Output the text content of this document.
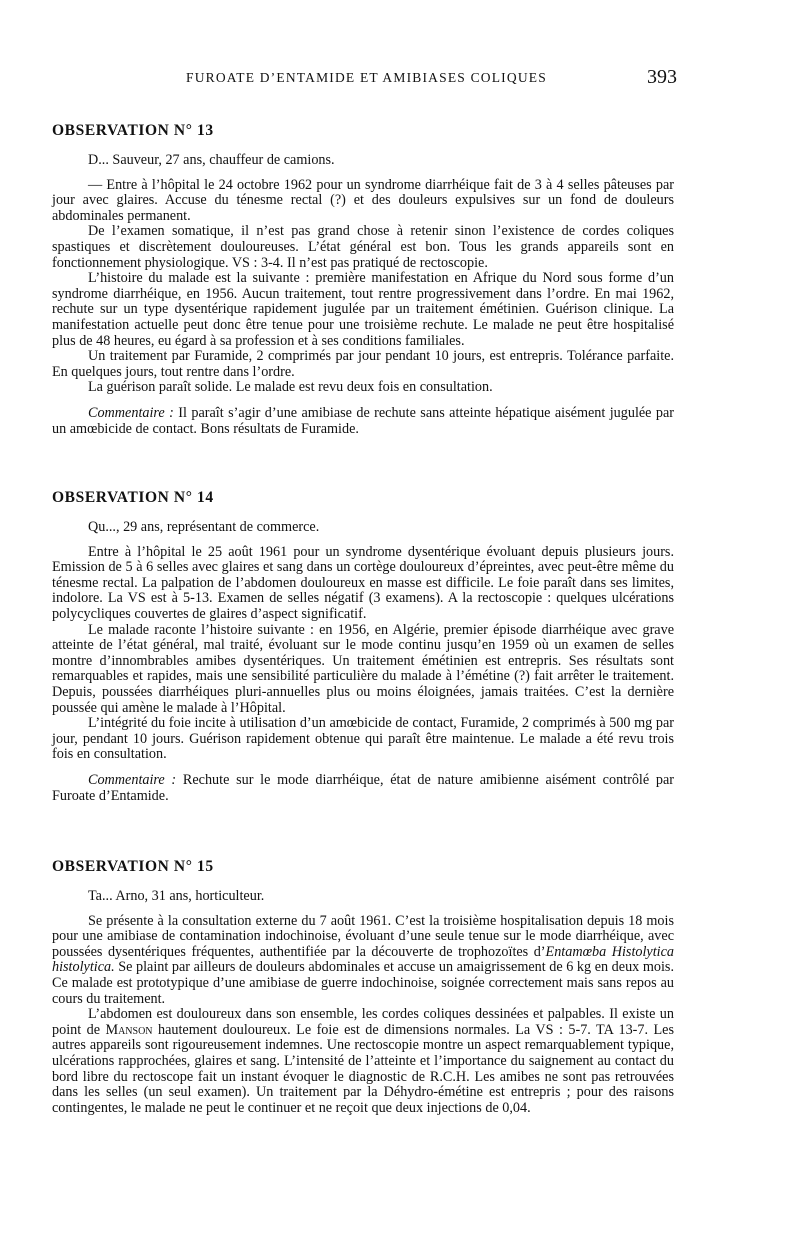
FUROATE D’ENTAMIDE ET AMIBIASES COLIQUES	393
OBSERVATION N° 13

D... Sauveur, 27 ans, chauffeur de camions.

— Entre à l’hôpital le 24 octobre 1962 pour un syndrome diarrhéique fait de 3 à 4 selles pâteuses par jour avec glaires. Accuse du ténesme rectal (?) et des douleurs expulsives sur un fond de douleurs abdominales permanent.

De l’examen somatique, il n’est pas grand chose à retenir sinon l’existence de cordes coliques spastiques et discrètement douloureuses. L’état général est bon. Tous les grands appareils sont en fonctionnement physiologique. VS : 3-4. Il n’est pas pratiqué de rectoscopie.

L’histoire du malade est la suivante : première manifestation en Afrique du Nord sous forme d’un syndrome diarrhéique, en 1956. Aucun traitement, tout rentre progressivement dans l’ordre. En mai 1962, rechute sur un type dysentérique rapidement jugulée par un traitement émétinien. Guérison clinique. La manifestation actuelle peut donc être tenue pour une troisième rechute. Le malade ne peut être hospitalisé plus de 48 heures, eu égard à sa profession et à ses conditions familiales.

Un traitement par Furamide, 2 comprimés par jour pendant 10 jours, est entrepris. Tolérance parfaite. En quelques jours, tout rentre dans l’ordre.

La guérison paraît solide. Le malade est revu deux fois en consultation.

Commentaire : Il paraît s’agir d’une amibiase de rechute sans atteinte hépatique aisément jugulée par un amœbicide de contact. Bons résultats de Furamide.

OBSERVATION N° 14

Qu..., 29 ans, représentant de commerce.

Entre à l’hôpital le 25 août 1961 pour un syndrome dysentérique évoluant depuis plusieurs jours. Emission de 5 à 6 selles avec glaires et sang dans un cortège douloureux d’épreintes, avec peut-être même du ténesme rectal. La palpation de l’abdomen douloureux en masse est difficile. Le foie paraît dans ses limites, indolore. La VS est à 5-13. Examen de selles négatif (3 examens). A la rectoscopie : quelques ulcérations polycycliques couvertes de glaires d’aspect significatif.

Le malade raconte l’histoire suivante : en 1956, en Algérie, premier épisode diarrhéique avec grave atteinte de l’état général, mal traité, évoluant sur le mode continu jusqu’en 1959 où un examen de selles montre d’innombrables amibes dysentériques. Un traitement émétinien est entrepris. Ses résultats sont remarquables et rapides, mais une sensibilité particulière du malade à l’émétine (?) fait arrêter le traitement. Depuis, poussées diarrhéiques pluri-annuelles plus ou moins éloignées, jamais traitées. C’est la dernière poussée qui amène le malade à l’Hôpital.

L’intégrité du foie incite à utilisation d’un amœbicide de contact, Furamide, 2 comprimés à 500 mg par jour, pendant 10 jours. Guérison rapidement obtenue qui paraît être maintenue. Le malade a été revu trois fois en consultation.

Commentaire : Rechute sur le mode diarrhéique, état de nature amibienne aisément contrôlé par Furoate d’Entamide.

OBSERVATION N° 15

Ta... Arno, 31 ans, horticulteur.

Se présente à la consultation externe du 7 août 1961. C’est la troisième hospitalisation depuis 18 mois pour une amibiase de contamination indochinoise, évoluant d’une seule tenue sur le mode diarrhéique, avec poussées dysentériques fréquentes, authentifiée par la découverte de trophozoïtes d’Entamœba Histolytica histolytica. Se plaint par ailleurs de douleurs abdominales et accuse un amaigrissement de 6 kg en deux mois. Ce malade est prototypique d’une amibiase de guerre indochinoise, soignée correctement mais sans repos au cours du traitement.

L’abdomen est douloureux dans son ensemble, les cordes coliques dessinées et palpables. Il existe un point de Manson hautement douloureux. Le foie est de dimensions normales. La VS : 5-7. TA 13-7. Les autres appareils sont rigoureusement indemnes. Une rectoscopie montre un aspect remarquablement typique, ulcérations rapprochées, glaires et sang. L’intensité de l’atteinte et l’importance du saignement au contact du bord libre du rectoscope fait un instant évoquer le diagnostic de R.C.H. Les amibes ne sont pas retrouvées dans les selles (un seul examen). Un traitement par la Déhydro-émétine est entrepris ; pour des raisons contingentes, le malade ne peut le continuer et ne reçoit que deux injections de 0,04.
